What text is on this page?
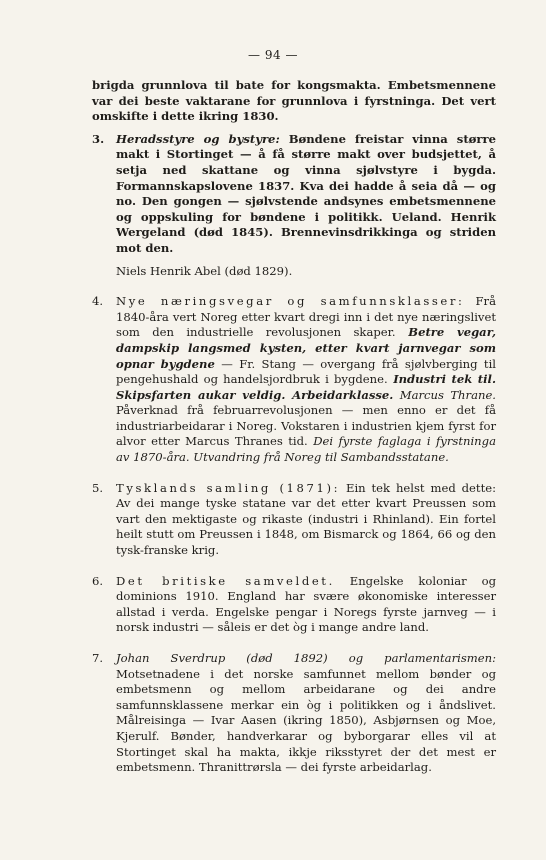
— 94 —

brigda grunnlova til bate for kongsmakta. Embetsmennene var dei beste vaktarane for grunnlova i fyrstninga. Det vert omskifte i dette ikring 1830.

3. Heradsstyre og bystyre: Bøndene freistar vinna større makt i Stortinget — å få større makt over budsjettet, å setja ned skattane og vinna sjølvstyre i bygda. Formannskapslovene 1837. Kva dei hadde å seia då — og no. Den gongen — sjølvstende andsynes embetsmennene og oppskuling for bøndene i politikk. Ueland. Henrik Wergeland (død 1845). Brennevinsdrikkinga og striden mot den.

Niels Henrik Abel (død 1829).

4. Nye næringsvegar og samfunnsklasser: Frå 1840-åra vert Noreg etter kvart dregi inn i det nye næringslivet som den industrielle revolusjonen skaper. Betre vegar, dampskip langsmed kysten, etter kvart jarnvegar som opnar bygdene — Fr. Stang — overgang frå sjølvberging til pengehushald og handelsjordbruk i bygdene. Industri tek til. Skipsfarten aukar veldig. Arbeidarklasse. Marcus Thrane. Påverknad frå februarrevolusjonen — men enno er det få industriarbeidarar i Noreg. Vokstaren i industrien kjem fyrst for alvor etter Marcus Thranes tid. Dei fyrste faglaga i fyrstninga av 1870-åra. Utvandring frå Noreg til Sambandsstatane.

5. Tysklands samling (1871): Ein tek helst med dette: Av dei mange tyske statane var det etter kvart Preussen som vart den mektigaste og rikaste (industri i Rhinland). Ein fortel heilt stutt om Preussen i 1848, om Bismarck og 1864, 66 og den tysk-franske krig.

6. Det britiske samveldet. Engelske koloniar og dominions 1910. England har svære økonomiske interesser allstad i verda. Engelske pengar i Noregs fyrste jarnveg — i norsk industri — såleis er det òg i mange andre land.

7. Johan Sverdrup (død 1892) og parlamentarismen: Motsetnadene i det norske samfunnet mellom bønder og embetsmenn og mellom arbeidarane og dei andre samfunnsklassene merkar ein òg i politikken og i åndslivet. Målreisinga — Ivar Aasen (ikring 1850), Asbjørnsen og Moe, Kjerulf. Bønder, handverkarar og byborgarar elles vil at Stortinget skal ha makta, ikkje riksstyret der det mest er embetsmenn. Thranittrørsla — dei fyrste arbeidarlag.
